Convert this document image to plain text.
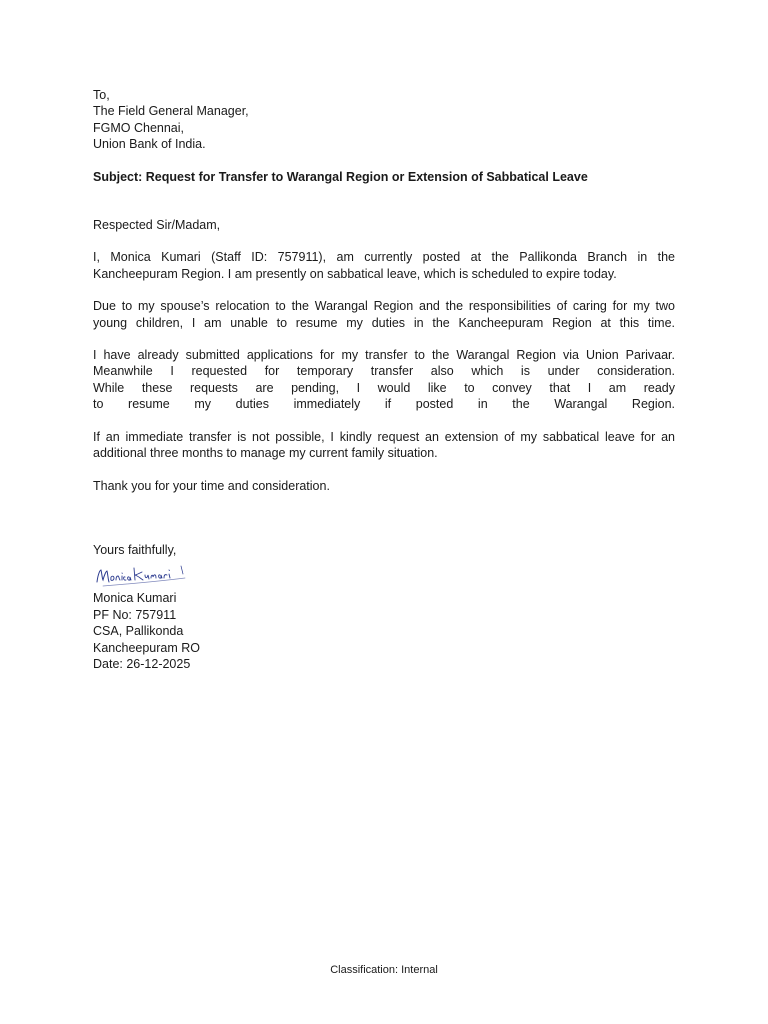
To,
The Field General Manager,
FGMO Chennai,
Union Bank of India.
Subject: Request for Transfer to Warangal Region or Extension of Sabbatical Leave
Respected Sir/Madam,
I, Monica Kumari (Staff ID: 757911), am currently posted at the Pallikonda Branch in the
Kancheepuram Region. I am presently on sabbatical leave, which is scheduled to expire today.
Due to my spouse’s relocation to the Warangal Region and the responsibilities of caring for my two
young children, I am unable to resume my duties in the Kancheepuram Region at this time.
I have already submitted applications for my transfer to the Warangal Region via Union Parivaar.
Meanwhile I requested for temporary transfer also which is under consideration.
While these requests are pending, I would like to convey that I am ready
to resume my duties immediately if posted in the Warangal Region.
If an immediate transfer is not possible, I kindly request an extension of my sabbatical leave for an
additional three months to manage my current family situation.
Thank you for your time and consideration.
Yours faithfully,
Monica Kumari
PF No: 757911
CSA, Pallikonda
Kancheepuram RO
Date: 26-12-2025
Classification: Internal
